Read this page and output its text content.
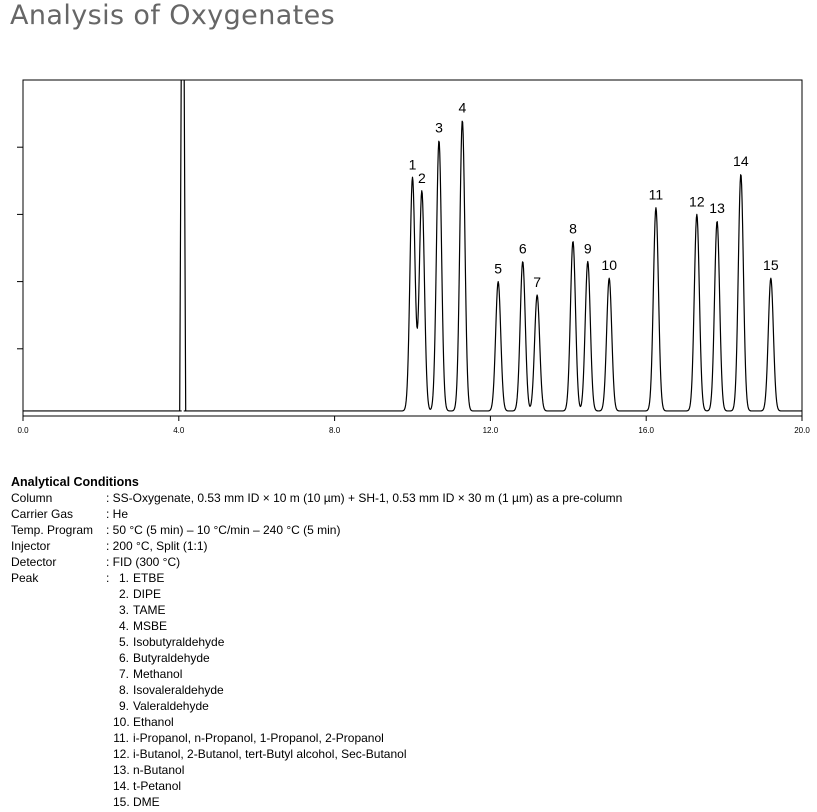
Analysis of Oxygenates
0.0	4.0	8.0	12.0	16.0	20.0
1
2
3
4
5
6
7
8
9
10
11 12 13
14
15
Analytical Conditions
Column	: SS-Oxygenate, 0.53 mm ID × 10 m (10 µm) + SH-1, 0.53 mm ID × 30 m (1 µm) as a pre-column
Carrier Gas	: He
Temp. Program	: 50 °C (5 min) – 10 °C/min – 240 °C (5 min)
Injector	: 200 °C, Split (1:1)
Detector	: FID (300 °C)
Peak	: 1. ETBE
2. DIPE
3. TAME
4. MSBE
5. Isobutyraldehyde
6. Butyraldehyde
7. Methanol
8. Isovaleraldehyde
9. Valeraldehyde
10. Ethanol
11. i-Propanol, n-Propanol, 1-Propanol, 2-Propanol
12. i-Butanol, 2-Butanol, tert-Butyl alcohol, Sec-Butanol
13. n-Butanol
14. t-Petanol
15. DME
